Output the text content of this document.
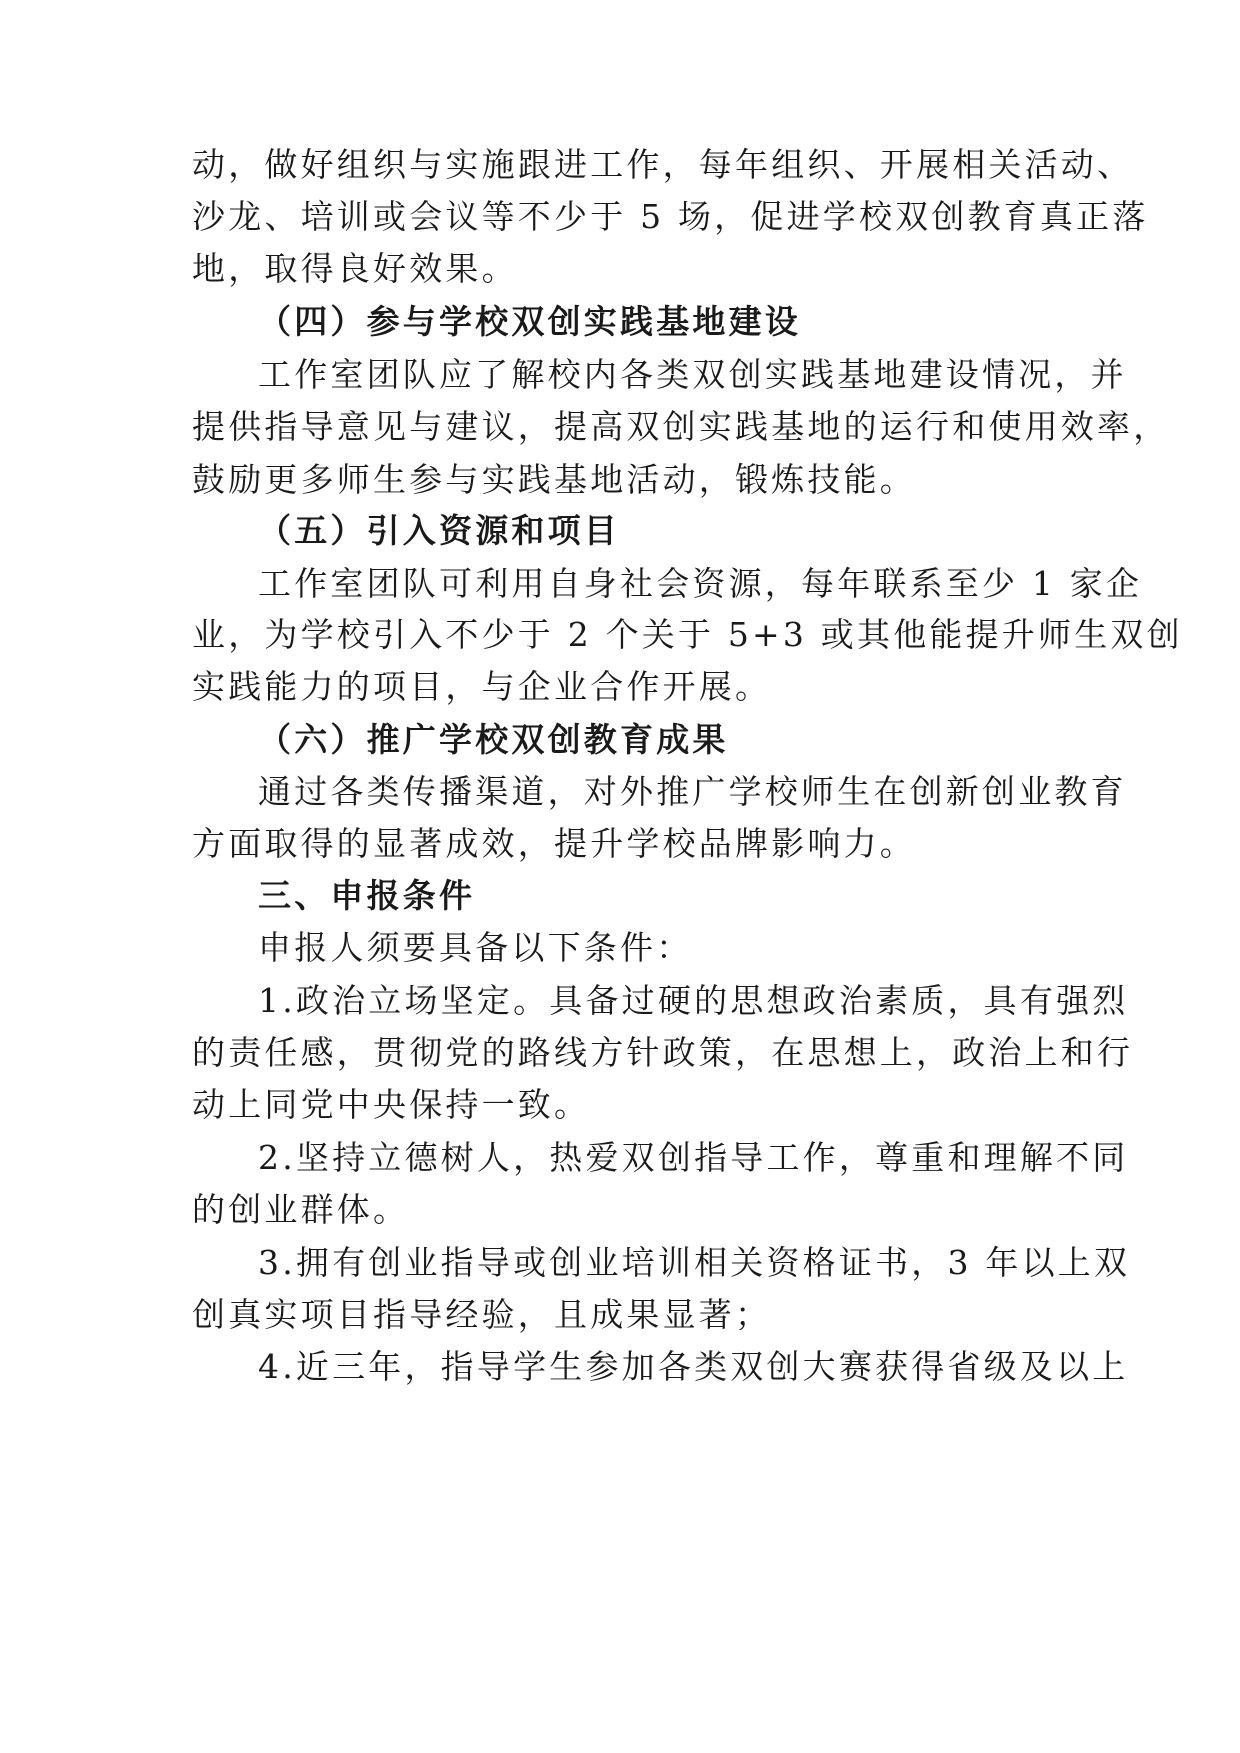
动，做好组织与实施跟进工作，每年组织、开展相关活动、
沙龙、培训或会议等不少于 5 场，促进学校双创教育真正落
地，取得良好效果。
（四）参与学校双创实践基地建设
工作室团队应了解校内各类双创实践基地建设情况，并
提供指导意见与建议，提高双创实践基地的运行和使用效率，
鼓励更多师生参与实践基地活动，锻炼技能。
（五）引入资源和项目
工作室团队可利用自身社会资源，每年联系至少 1 家企
业，为学校引入不少于 2 个关于 5+3 或其他能提升师生双创
实践能力的项目，与企业合作开展。
（六）推广学校双创教育成果
通过各类传播渠道，对外推广学校师生在创新创业教育
方面取得的显著成效，提升学校品牌影响力。
三、申报条件
申报人须要具备以下条件：
1.政治立场坚定。具备过硬的思想政治素质，具有强烈
的责任感，贯彻党的路线方针政策，在思想上，政治上和行
动上同党中央保持一致。
2.坚持立德树人，热爱双创指导工作，尊重和理解不同
的创业群体。
3.拥有创业指导或创业培训相关资格证书，3 年以上双
创真实项目指导经验，且成果显著；
4.近三年，指导学生参加各类双创大赛获得省级及以上
